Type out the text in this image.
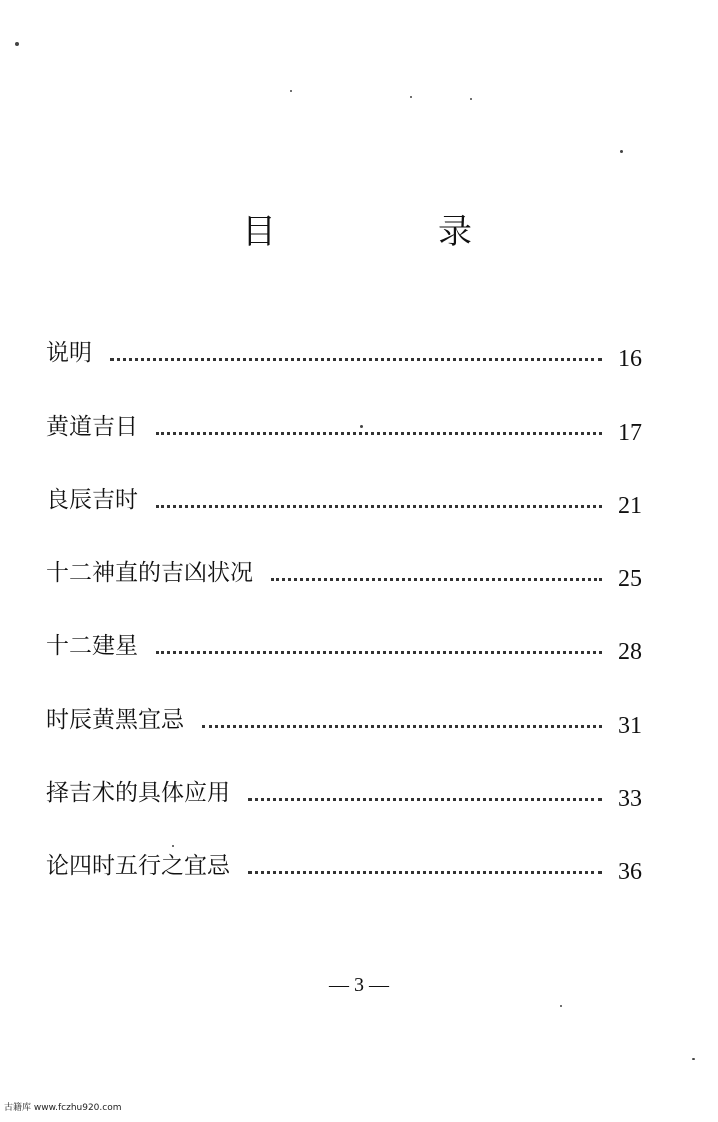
目　录
说明	16
黄道吉日	17
良辰吉时	21
十二神直的吉凶状况	25
十二建星	28
时辰黄黑宜忌	31
择吉术的具体应用	33
论四时五行之宜忌	36
— 3 —
古籍库 www.fczhu920.com
